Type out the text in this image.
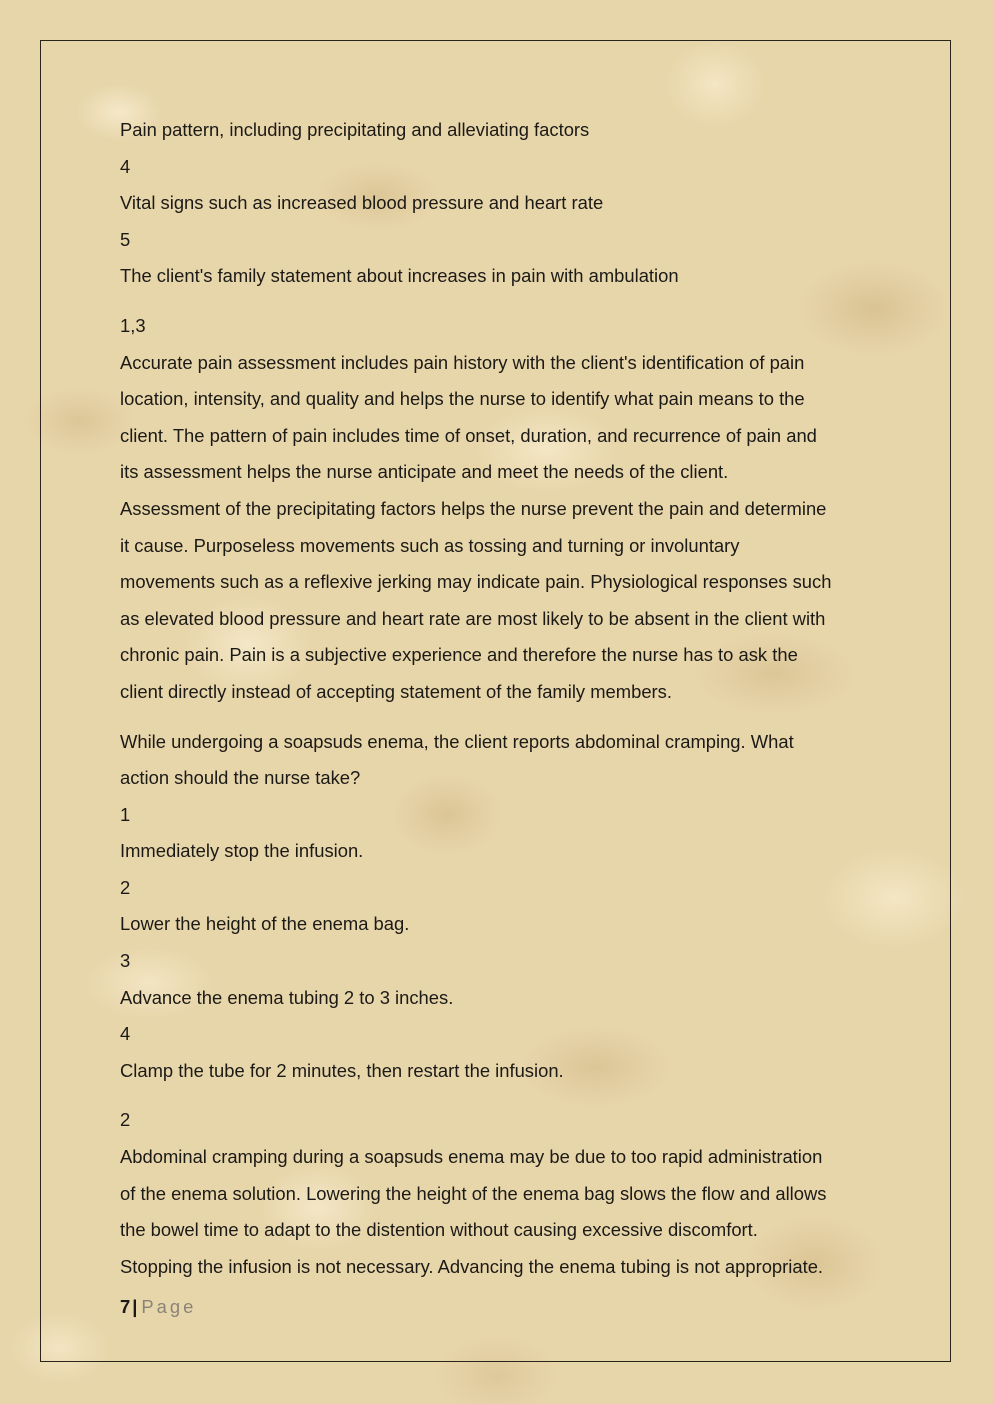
Pain pattern, including precipitating and alleviating factors
4
Vital signs such as increased blood pressure and heart rate
5
The client's family statement about increases in pain with ambulation
1,3
Accurate pain assessment includes pain history with the client's identification of pain
location, intensity, and quality and helps the nurse to identify what pain means to the
client. The pattern of pain includes time of onset, duration, and recurrence of pain and
its assessment helps the nurse anticipate and meet the needs of the client.
Assessment of the precipitating factors helps the nurse prevent the pain and determine
it cause. Purposeless movements such as tossing and turning or involuntary
movements such as a reflexive jerking may indicate pain. Physiological responses such
as elevated blood pressure and heart rate are most likely to be absent in the client with
chronic pain. Pain is a subjective experience and therefore the nurse has to ask the
client directly instead of accepting statement of the family members.
While undergoing a soapsuds enema, the client reports abdominal cramping. What
action should the nurse take?
1
Immediately stop the infusion.
2
Lower the height of the enema bag.
3
Advance the enema tubing 2 to 3 inches.
4
Clamp the tube for 2 minutes, then restart the infusion.
2
Abdominal cramping during a soapsuds enema may be due to too rapid administration
of the enema solution. Lowering the height of the enema bag slows the flow and allows
the bowel time to adapt to the distention without causing excessive discomfort.
Stopping the infusion is not necessary. Advancing the enema tubing is not appropriate.
7 | Page
